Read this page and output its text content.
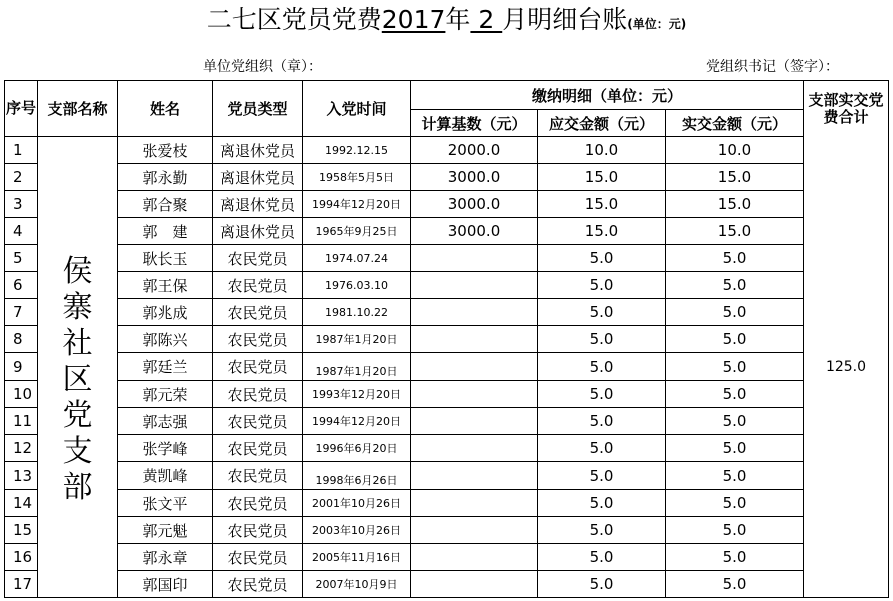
二七区党员党费2017年 2 月明细台账(单位：元)
单位党组织（章）：	党组织书记（签字）：
序号	支部名称	姓名	党员类型	入党时间	缴纳明细（单位：元）			支部实交党费合计
					计算基数（元）	应交金额（元）	实交金额（元）	
1		张爱枝	离退休党员	1992.12.15	2000.0	10.0	10.0	125.0
2	侯寨社区党支部	郭永勤	离退休党员	1958年5月5日	3000.0	15.0	15.0	
3		郭合聚	离退休党员	1994年12月20日	3000.0	15.0	15.0	
4		郭　建	离退休党员	1965年9月25日	3000.0	15.0	15.0	
5		耿长玉	农民党员	1974.07.24		5.0	5.0	
6		郭王保	农民党员	1976.03.10		5.0	5.0	
7		郭兆成	农民党员	1981.10.22		5.0	5.0	
8		郭陈兴	农民党员	1987年1月20日		5.0	5.0	
9		郭廷兰	农民党员	1987年1月20日		5.0	5.0	
10		郭元荣	农民党员	1993年12月20日		5.0	5.0	
11		郭志强	农民党员	1994年12月20日		5.0	5.0	
12		张学峰	农民党员	1996年6月20日		5.0	5.0	
13		黄凯峰	农民党员	1998年6月26日		5.0	5.0	
14		张文平	农民党员	2001年10月26日		5.0	5.0	
15		郭元魁	农民党员	2003年10月26日		5.0	5.0	
16		郭永章	农民党员	2005年11月16日		5.0	5.0	
17		郭国印	农民党员	2007年10月9日		5.0	5.0	
